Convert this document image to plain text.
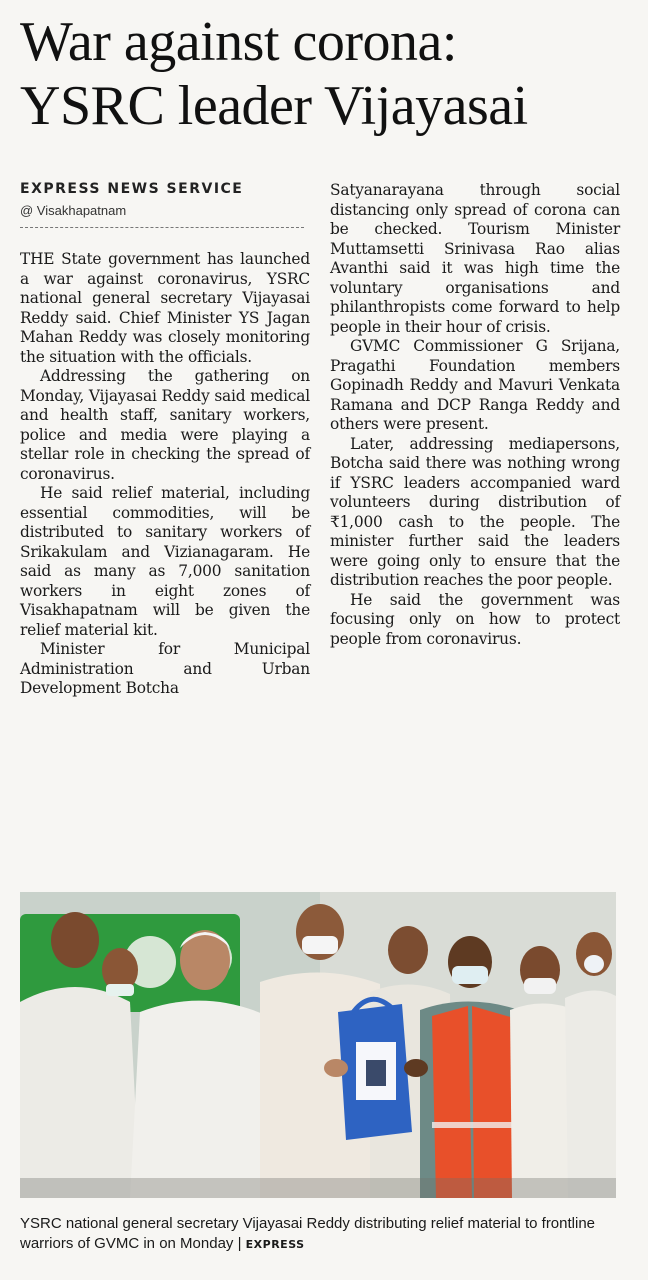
War against corona:
YSRC leader Vijayasai
EXPRESS NEWS SERVICE
@ Visakhapatnam

THE State government has launched a war against coronavirus, YSRC national general secretary Vijayasai Reddy said. Chief Minister YS Jagan Mahan Reddy was closely monitoring the situation with the officials.

Addressing the gathering on Monday, Vijayasai Reddy said medical and health staff, sanitary workers, police and media were playing a stellar role in checking the spread of coronavirus.

He said relief material, including essential commodities, will be distributed to sanitary workers of Srikakulam and Vizianagaram. He said as many as 7,000 sanitation workers in eight zones of Visakhapatnam will be given the relief material kit.

Minister for Municipal Administration and Urban Development Botcha

Satyanarayana through social distancing only spread of corona can be checked. Tourism Minister Muttamsetti Srinivasa Rao alias Avanthi said it was high time the voluntary organisations and philanthropists come forward to help people in their hour of crisis.

GVMC Commissioner G Srijana, Pragathi Foundation members Gopinadh Reddy and Mavuri Venkata Ramana and DCP Ranga Reddy and others were present.

Later, addressing mediapersons, Botcha said there was nothing wrong if YSRC leaders accompanied ward volunteers during distribution of ₹1,000 cash to the people. The minister further said the leaders were going only to ensure that the distribution reaches the poor people.

He said the government was focusing only on how to protect people from coronavirus.

YSRC national general secretary Vijayasai Reddy distributing relief material to frontline warriors of GVMC in on Monday | EXPRESS
